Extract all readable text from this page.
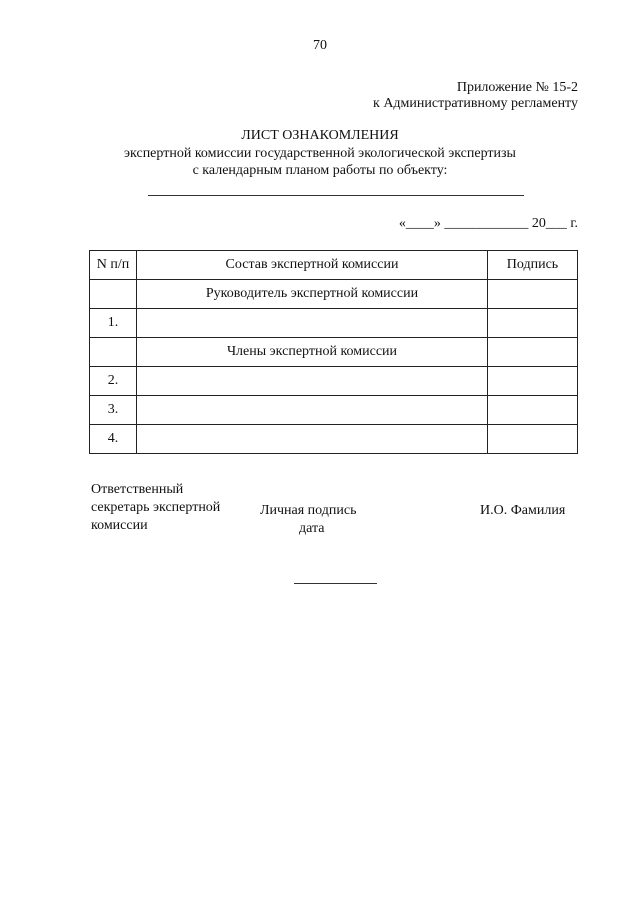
70
Приложение № 15-2
к Административному регламенту
ЛИСТ ОЗНАКОМЛЕНИЯ
экспертной комиссии государственной экологической экспертизы
с календарным планом работы по объекту:
«____» ____________ 20___ г.
N п/п	Состав экспертной комиссии	Подпись
	Руководитель экспертной комиссии	
1.		
	Члены экспертной комиссии	
2.		
3.		
4.		
Ответственный секретарь экспертной комиссии
Личная подпись
дата
И.О. Фамилия
